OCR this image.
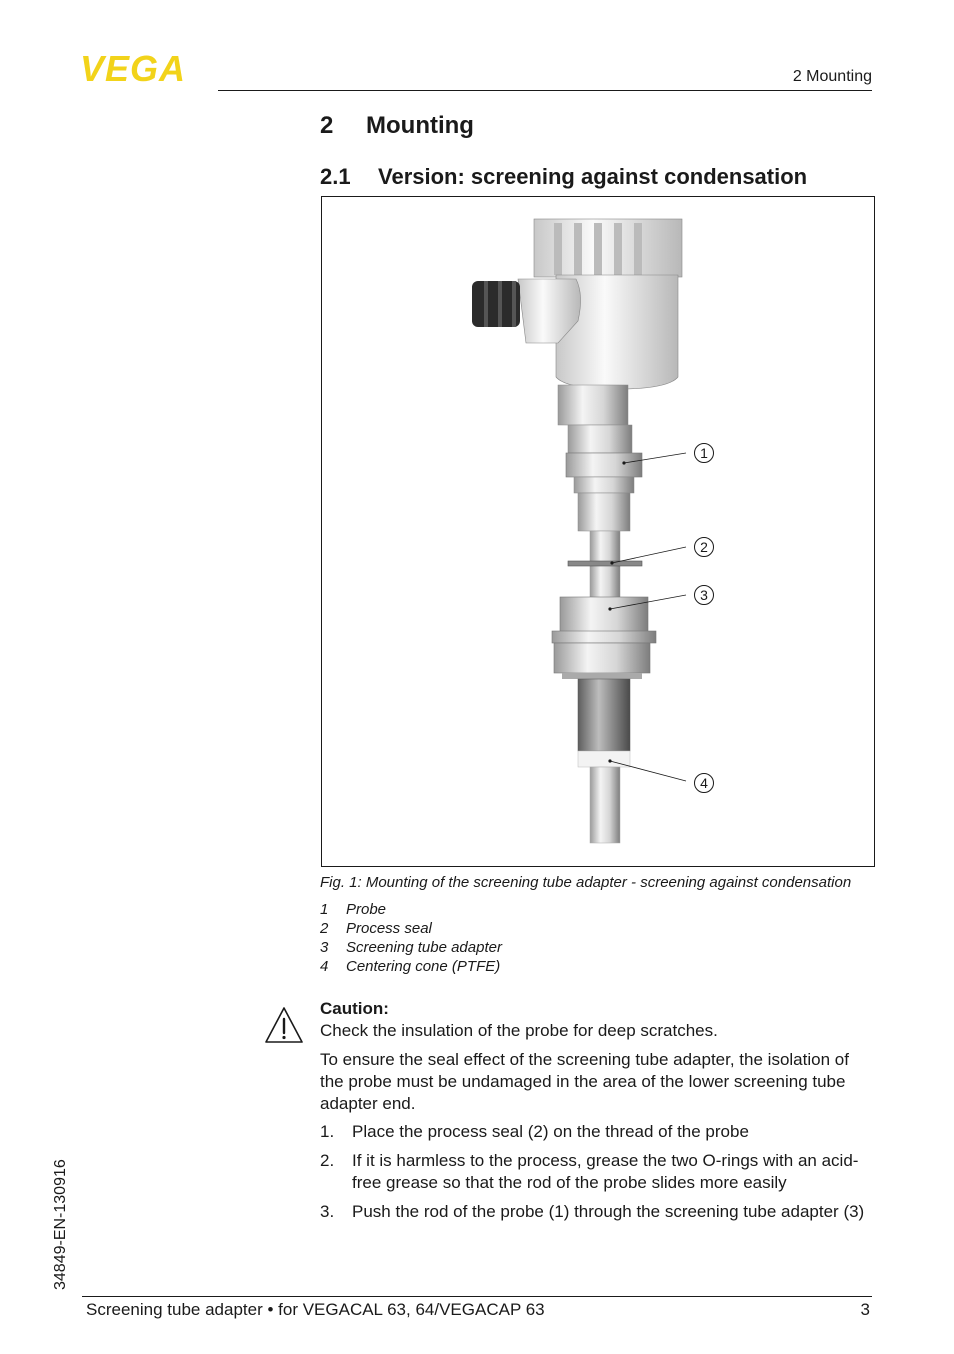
VEGA	2 Mounting
2 Mounting
2.1 Version: screening against condensation
1
2
3
4
Fig. 1: Mounting of the screening tube adapter - screening against condensation
1 Probe
2 Process seal
3 Screening tube adapter
4 Centering cone (PTFE)
Caution:
Check the insulation of the probe for deep scratches.
To ensure the seal effect of the screening tube adapter, the isolation of the probe must be undamaged in the area of the lower screening tube adapter end.
1.	Place the process seal (2) on the thread of the probe
2.	If it is harmless to the process, grease the two O-rings with an acid-free grease so that the rod of the probe slides more easily
3.	Push the rod of the probe (1) through the screening tube adapter (3)
34849-EN-130916
Screening tube adapter • for VEGACAL 63, 64/VEGACAP 63	3
